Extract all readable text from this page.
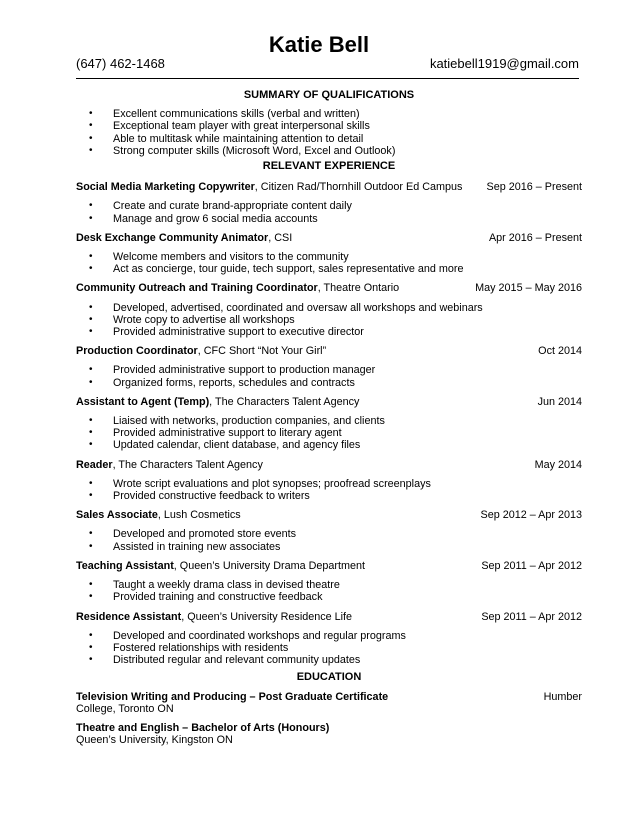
Katie Bell
(647) 462-1468	katiebell1919@gmail.com
SUMMARY OF QUALIFICATIONS
• Excellent communications skills (verbal and written)
• Exceptional team player with great interpersonal skills
• Able to multitask while maintaining attention to detail
• Strong computer skills (Microsoft Word, Excel and Outlook)
RELEVANT EXPERIENCE
Social Media Marketing Copywriter, Citizen Rad/Thornhill Outdoor Ed Campus Sep 2016 – Present
• Create and curate brand-appropriate content daily
• Manage and grow 6 social media accounts
Desk Exchange Community Animator, CSI	Apr 2016 – Present
• Welcome members and visitors to the community
• Act as concierge, tour guide, tech support, sales representative and more
Community Outreach and Training Coordinator, Theatre Ontario	May 2015 – May 2016
• Developed, advertised, coordinated and oversaw all workshops and webinars
• Wrote copy to advertise all workshops
• Provided administrative support to executive director
Production Coordinator, CFC Short “Not Your Girl”	Oct 2014
• Provided administrative support to production manager
• Organized forms, reports, schedules and contracts
Assistant to Agent (Temp), The Characters Talent Agency	Jun 2014
• Liaised with networks, production companies, and clients
• Provided administrative support to literary agent
• Updated calendar, client database, and agency files
Reader, The Characters Talent Agency	May 2014
• Wrote script evaluations and plot synopses; proofread screenplays
• Provided constructive feedback to writers
Sales Associate, Lush Cosmetics	Sep 2012 – Apr 2013
• Developed and promoted store events
• Assisted in training new associates
Teaching Assistant, Queen’s University Drama Department	Sep 2011 – Apr 2012
• Taught a weekly drama class in devised theatre
• Provided training and constructive feedback
Residence Assistant, Queen’s University Residence Life	Sep 2011 – Apr 2012
• Developed and coordinated workshops and regular programs
• Fostered relationships with residents
• Distributed regular and relevant community updates
EDUCATION
Television Writing and Producing – Post Graduate Certificate	Humber
College, Toronto ON
Theatre and English – Bachelor of Arts (Honours)
Queen’s University, Kingston ON
